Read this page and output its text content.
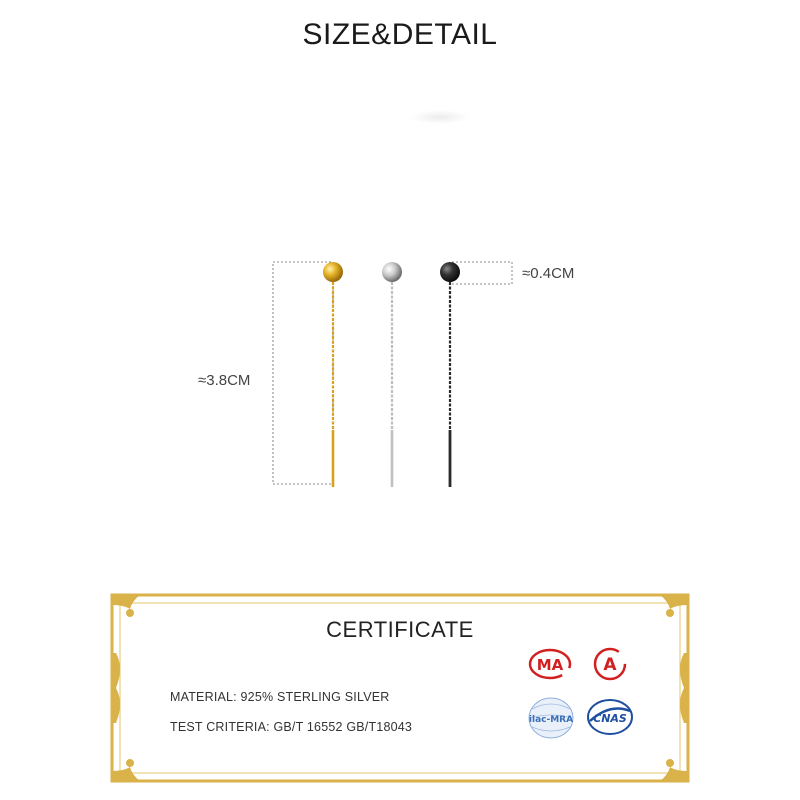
SIZE&DETAIL
≈3.8CM
≈0.4CM
CERTIFICATE
MATERIAL: 925% STERLING SILVER
TEST CRITERIA: GB/T 16552 GB/T18043
MA A
ilac-MRA CNAS
